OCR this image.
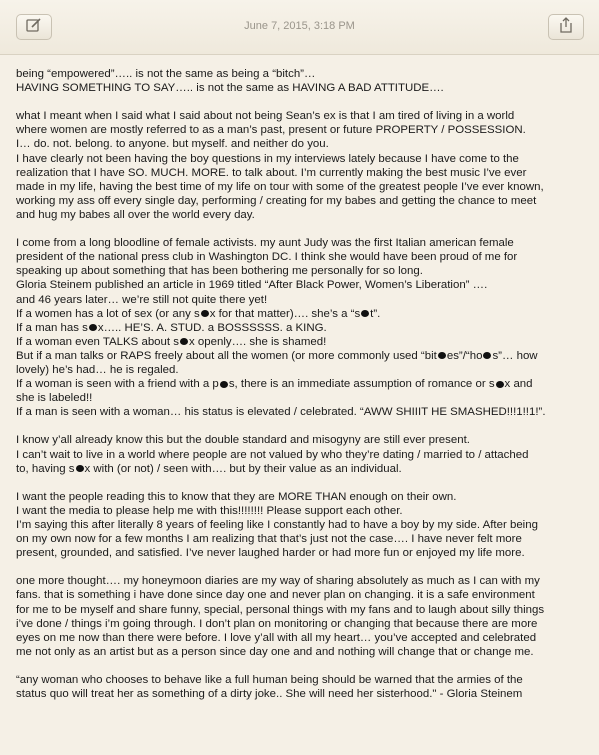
June 7, 2015, 3:18 PM
being “empowered”….. is not the same as being a “bitch”…
HAVING SOMETHING TO SAY….. is not the same as HAVING A BAD ATTITUDE….
what I meant when I said what I said about not being Sean’s ex is that I am tired of living in a world
where women are mostly referred to as a man’s past, present or future PROPERTY / POSSESSION.
I… do. not. belong. to anyone. but myself. and neither do you.
I have clearly not been having the boy questions in my interviews lately because I have come to the
realization that I have SO. MUCH. MORE. to talk about. I’m currently making the best music I’ve ever
made in my life, having the best time of my life on tour with some of the greatest people I’ve ever known,
working my ass off every single day, performing / creating for my babes and getting the chance to meet
and hug my babes all over the world every day.
I come from a long bloodline of female activists. my aunt Judy was the first Italian american female
president of the national press club in Washington DC. I think she would have been proud of me for
speaking up about something that has been bothering me personally for so long.
Gloria Steinem published an article in 1969 titled “After Black Power, Women’s Liberation” ….
and 46 years later… we’re still not quite there yet!
If a women has a lot of sex (or any s x for that matter)…. she’s a “s t”.
If a man has s x….. HE’S. A. STUD. a BOSSSSSS. a KING.
If a woman even TALKS about s x openly…. she is shamed!
But if a man talks or RAPS freely about all the women (or more commonly used “bit es”/“ho s”… how
lovely) he’s had… he is regaled.
If a woman is seen with a friend with a p s, there is an immediate assumption of romance or s x and
she is labeled!!
If a man is seen with a woman… his status is elevated / celebrated. “AWW SHIIIT HE SMASHED!!!1!!1!”.
I know y’all already know this but the double standard and misogyny are still ever present.
I can’t wait to live in a world where people are not valued by who they’re dating / married to / attached
to, having s x with (or not) / seen with…. but by their value as an individual.
I want the people reading this to know that they are MORE THAN enough on their own.
I want the media to please help me with this!!!!!!!! Please support each other.
I’m saying this after literally 8 years of feeling like I constantly had to have a boy by my side. After being
on my own now for a few months I am realizing that that’s just not the case…. I have never felt more
present, grounded, and satisfied. I’ve never laughed harder or had more fun or enjoyed my life more.
one more thought…. my honeymoon diaries are my way of sharing absolutely as much as I can with my
fans. that is something i have done since day one and never plan on changing. it is a safe environment
for me to be myself and share funny, special, personal things with my fans and to laugh about silly things
i’ve done / things i’m going through. I don’t plan on monitoring or changing that because there are more
eyes on me now than there were before. I love y’all with all my heart… you’ve accepted and celebrated
me not only as an artist but as a person since day one and and nothing will change that or change me.
“any woman who chooses to behave like a full human being should be warned that the armies of the
status quo will treat her as something of a dirty joke.. She will need her sisterhood." - Gloria Steinem
